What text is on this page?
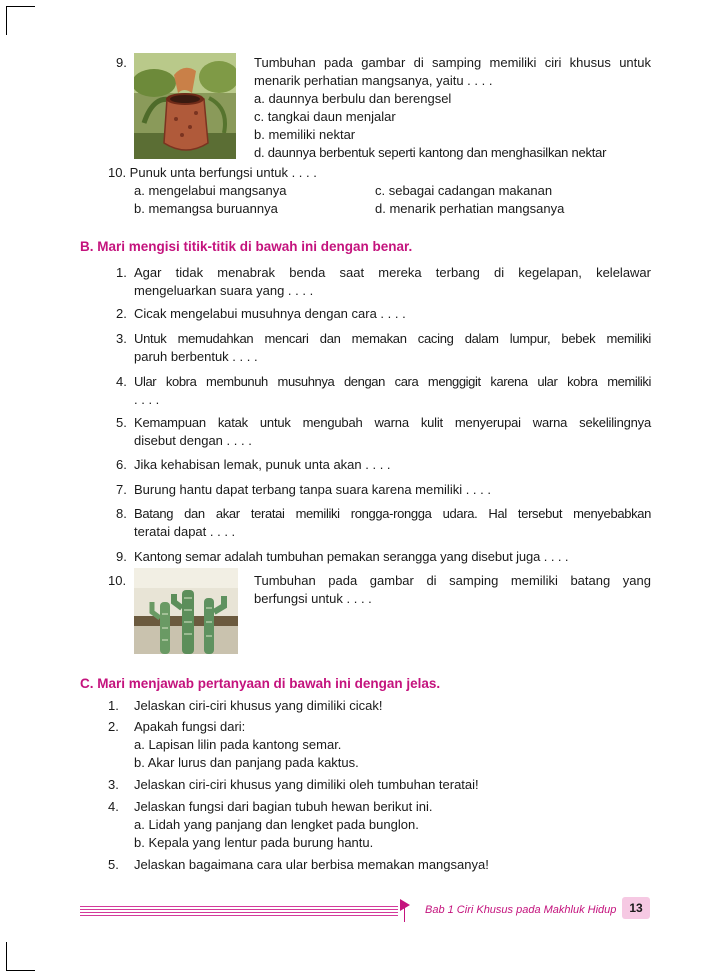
9.	Tumbuhan pada gambar di samping memiliki ciri khusus untuk
menarik perhatian mangsanya, yaitu . . . .
a. daunnya berbulu dan berengsel
c. tangkai daun menjalar
b. memiliki nektar
d. daunnya berbentuk seperti kantong dan menghasilkan nektar
10. Punuk unta berfungsi untuk . . . .
a. mengelabui mangsanya
b. memangsa buruannya
c. sebagai cadangan makanan
d. menarik perhatian mangsanya
B. Mari mengisi titik-titik di bawah ini dengan benar.
1. Agar tidak menabrak benda saat mereka terbang di kegelapan, kelelawar
mengeluarkan suara yang . . . .
2. Cicak mengelabui musuhnya dengan cara . . . .
3. Untuk memudahkan mencari dan memakan cacing dalam lumpur, bebek memiliki
paruh berbentuk . . . .
4. Ular kobra membunuh musuhnya dengan cara menggigit karena ular kobra memiliki
. . . .
5. Kemampuan katak untuk mengubah warna kulit menyerupai warna sekelilingnya
disebut dengan . . . .
6. Jika kehabisan lemak, punuk unta akan . . . .
7. Burung hantu dapat terbang tanpa suara karena memiliki . . . .
8. Batang dan akar teratai memiliki rongga-rongga udara. Hal tersebut menyebabkan
teratai dapat . . . .
9. Kantong semar adalah tumbuhan pemakan serangga yang disebut juga . . . .
10.	Tumbuhan pada gambar di samping memiliki batang yang
berfungsi untuk . . . .
C. Mari menjawab pertanyaan di bawah ini dengan jelas.
1. Jelaskan ciri-ciri khusus yang dimiliki cicak!
2. Apakah fungsi dari:
a. Lapisan lilin pada kantong semar.
b. Akar lurus dan panjang pada kaktus.
3. Jelaskan ciri-ciri khusus yang dimiliki oleh tumbuhan teratai!
4. Jelaskan fungsi dari bagian tubuh hewan berikut ini.
a. Lidah yang panjang dan lengket pada bunglon.
b. Kepala yang lentur pada burung hantu.
5. Jelaskan bagaimana cara ular berbisa memakan mangsanya!
Bab 1 Ciri Khusus pada Makhluk Hidup	13
